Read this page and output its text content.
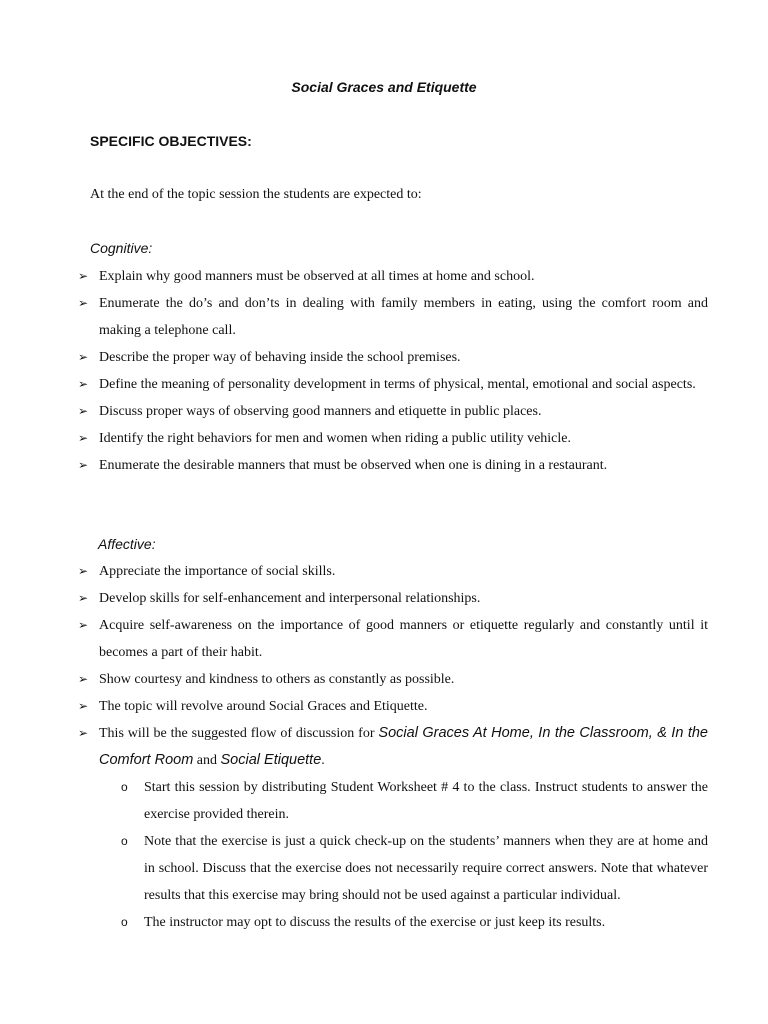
Social Graces and Etiquette
SPECIFIC OBJECTIVES:
At the end of the topic session the students are expected to:
Cognitive:
➢ Explain why good manners must be observed at all times at home and school.
➢ Enumerate the do’s and don’ts in dealing with family members in eating, using the comfort room and making a telephone call.
➢ Describe the proper way of behaving inside the school premises.
➢ Define the meaning of personality development in terms of physical, mental, emotional and social aspects.
➢ Discuss proper ways of observing good manners and etiquette in public places.
➢ Identify the right behaviors for men and women when riding a public utility vehicle.
➢ Enumerate the desirable manners that must be observed when one is dining in a restaurant.
Affective:
➢ Appreciate the importance of social skills.
➢ Develop skills for self-enhancement and interpersonal relationships.
➢ Acquire self-awareness on the importance of good manners or etiquette regularly and constantly until it becomes a part of their habit.
➢ Show courtesy and kindness to others as constantly as possible.
➢ The topic will revolve around Social Graces and Etiquette.
➢ This will be the suggested flow of discussion for Social Graces At Home, In the Classroom, & In the Comfort Room and Social Etiquette.
o Start this session by distributing Student Worksheet # 4 to the class. Instruct students to answer the exercise provided therein.
o Note that the exercise is just a quick check-up on the students’ manners when they are at home and in school. Discuss that the exercise does not necessarily require correct answers. Note that whatever results that this exercise may bring should not be used against a particular individual.
o The instructor may opt to discuss the results of the exercise or just keep its results.
